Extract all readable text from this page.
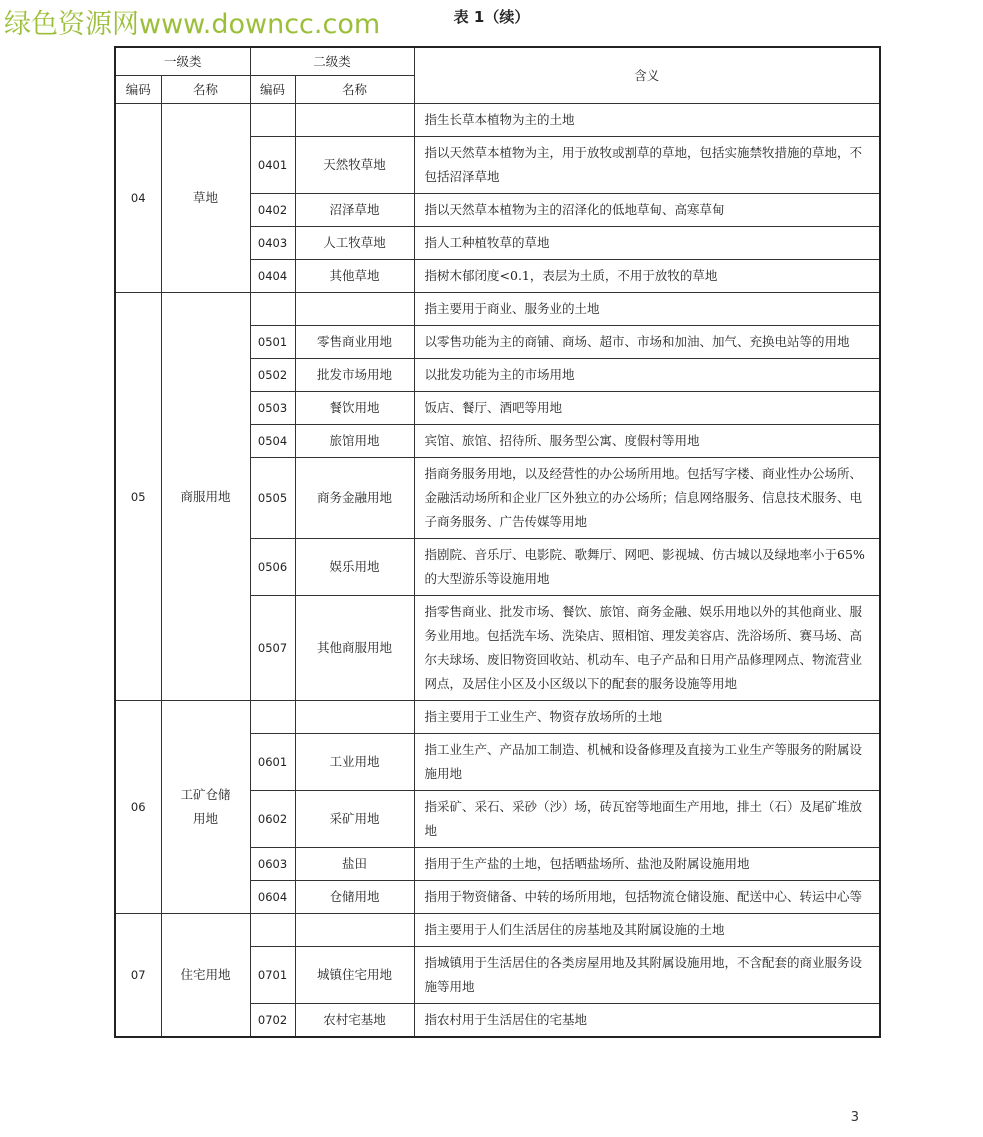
绿色资源网www.downcc.com	表 1（续）
一级类		二级类		含义
编码	名称	编码	名称	
04	草地			指生长草本植物为主的土地
		0401	天然牧草地	指以天然草本植物为主，用于放牧或割草的草地，包括实施禁牧措施的草地，不包括沼泽草地
		0402	沼泽草地	指以天然草本植物为主的沼泽化的低地草甸、高寒草甸
		0403	人工牧草地	指人工种植牧草的草地
		0404	其他草地	指树木郁闭度<0.1，表层为土质，不用于放牧的草地
05	商服用地			指主要用于商业、服务业的土地
		0501	零售商业用地	以零售功能为主的商铺、商场、超市、市场和加油、加气、充换电站等的用地
		0502	批发市场用地	以批发功能为主的市场用地
		0503	餐饮用地	饭店、餐厅、酒吧等用地
		0504	旅馆用地	宾馆、旅馆、招待所、服务型公寓、度假村等用地
		0505	商务金融用地	指商务服务用地，以及经营性的办公场所用地。包括写字楼、商业性办公场所、金融活动场所和企业厂区外独立的办公场所；信息网络服务、信息技术服务、电子商务服务、广告传媒等用地
		0506	娱乐用地	指剧院、音乐厅、电影院、歌舞厅、网吧、影视城、仿古城以及绿地率小于65%的大型游乐等设施用地
		0507	其他商服用地	指零售商业、批发市场、餐饮、旅馆、商务金融、娱乐用地以外的其他商业、服务业用地。包括洗车场、洗染店、照相馆、理发美容店、洗浴场所、赛马场、高尔夫球场、废旧物资回收站、机动车、电子产品和日用产品修理网点、物流营业网点，及居住小区及小区级以下的配套的服务设施等用地
06	工矿仓储用地			指主要用于工业生产、物资存放场所的土地
		0601	工业用地	指工业生产、产品加工制造、机械和设备修理及直接为工业生产等服务的附属设施用地
		0602	采矿用地	指采矿、采石、采砂（沙）场，砖瓦窑等地面生产用地，排土（石）及尾矿堆放地
		0603	盐田	指用于生产盐的土地，包括晒盐场所、盐池及附属设施用地
		0604	仓储用地	指用于物资储备、中转的场所用地，包括物流仓储设施、配送中心、转运中心等
07	住宅用地			指主要用于人们生活居住的房基地及其附属设施的土地
		0701	城镇住宅用地	指城镇用于生活居住的各类房屋用地及其附属设施用地，不含配套的商业服务设施等用地
		0702	农村宅基地	指农村用于生活居住的宅基地
3
